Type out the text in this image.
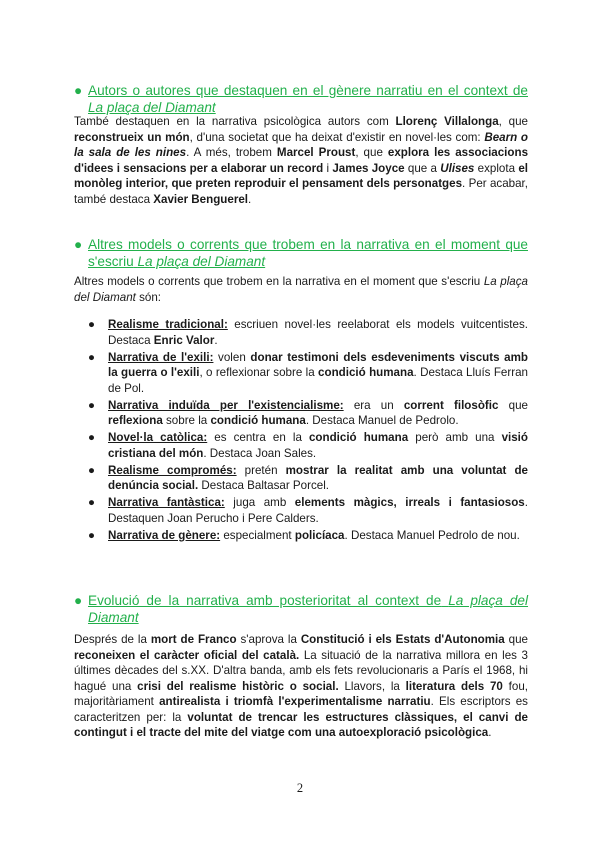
● Autors o autores que destaquen en el gènere narratiu en el context de La plaça del Diamant

També destaquen en la narrativa psicològica autors com Llorenç Villalonga, que reconstrueix un món, d'una societat que ha deixat d'existir en novel·les com: Bearn o la sala de les nines. A més, trobem Marcel Proust, que explora les associacions d'idees i sensacions per a elaborar un record i James Joyce que a Ulises explota el monòleg interior, que preten reproduir el pensament dels personatges. Per acabar, també destaca Xavier Benguerel.

● Altres models o corrents que trobem en la narrativa en el moment que s'escriu La plaça del Diamant

Altres models o corrents que trobem en la narrativa en el moment que s'escriu La plaça del Diamant són:

● Realisme tradicional: escriuen novel·les reelaborat els models vuitcentistes. Destaca Enric Valor.
● Narrativa de l'exili: volen donar testimoni dels esdeveniments viscuts amb la guerra o l'exili, o reflexionar sobre la condició humana. Destaca Lluís Ferran de Pol.
● Narrativa induïda per l'existencialisme: era un corrent filosòfic que reflexiona sobre la condició humana. Destaca Manuel de Pedrolo.
● Novel·la catòlica: es centra en la condició humana però amb una visió cristiana del món. Destaca Joan Sales.
● Realisme compromés: pretén mostrar la realitat amb una voluntat de denúncia social. Destaca Baltasar Porcel.
● Narrativa fantàstica: juga amb elements màgics, irreals i fantasiosos. Destaquen Joan Perucho i Pere Calders.
● Narrativa de gènere: especialment policíaca. Destaca Manuel Pedrolo de nou.
● Evolució de la narrativa amb posterioritat al context de La plaça del Diamant

Després de la mort de Franco s'aprova la Constitució i els Estats d'Autonomia que reconeixen el caràcter oficial del català. La situació de la narrativa millora en les 3 últimes dècades del s.XX. D'altra banda, amb els fets revolucionaris a París el 1968, hi hagué una crisi del realisme històric o social. Llavors, la literatura dels 70 fou, majoritàriament antirealista i triomfà l'experimentalisme narratiu. Els escriptors es caracteritzen per: la voluntat de trencar les estructures clàssiques, el canvi de contingut i el tracte del mite del viatge com una autoexploració psicològica.

2
